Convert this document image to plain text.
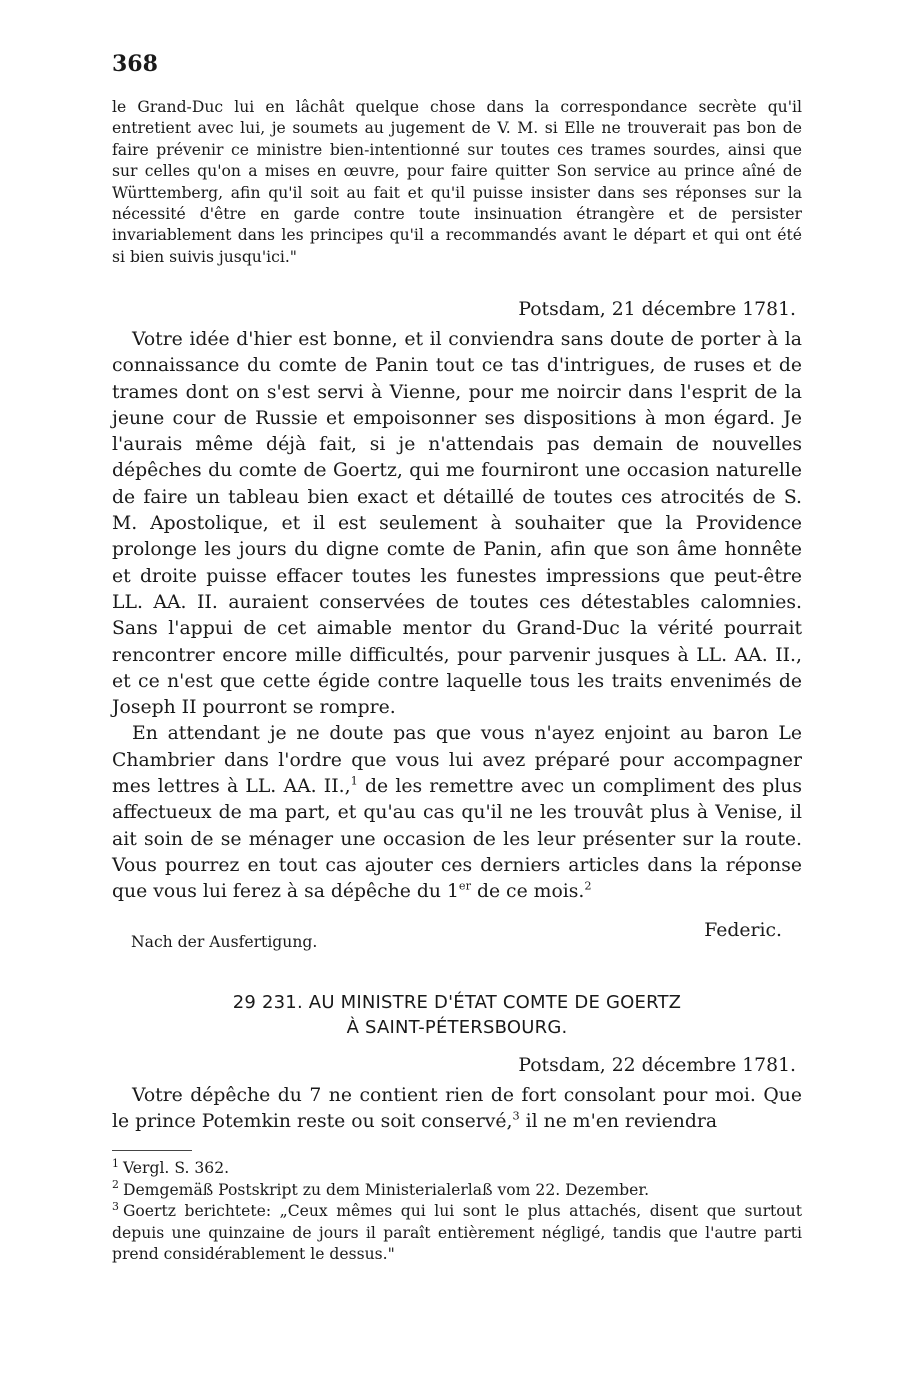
368

le Grand-Duc lui en lâchât quelque chose dans la correspondance secrète qu'il entretient avec lui, je soumets au jugement de V. M. si Elle ne trouverait pas bon de faire prévenir ce ministre bien-intentionné sur toutes ces trames sourdes, ainsi que sur celles qu'on a mises en œuvre, pour faire quitter Son service au prince aîné de Württemberg, afin qu'il soit au fait et qu'il puisse insister dans ses réponses sur la nécessité d'être en garde contre toute insinuation étrangère et de persister invariablement dans les principes qu'il a recommandés avant le départ et qui ont été si bien suivis jusqu'ici."

Potsdam, 21 décembre 1781.

Votre idée d'hier est bonne, et il conviendra sans doute de porter à la connaissance du comte de Panin tout ce tas d'intrigues, de ruses et de trames dont on s'est servi à Vienne, pour me noircir dans l'esprit de la jeune cour de Russie et empoisonner ses dispositions à mon égard. Je l'aurais même déjà fait, si je n'attendais pas demain de nouvelles dépêches du comte de Goertz, qui me fourniront une occasion naturelle de faire un tableau bien exact et détaillé de toutes ces atrocités de S. M. Apostolique, et il est seulement à souhaiter que la Providence prolonge les jours du digne comte de Panin, afin que son âme honnête et droite puisse effacer toutes les funestes impressions que peut-être LL. AA. II. auraient conservées de toutes ces détestables calomnies. Sans l'appui de cet aimable mentor du Grand-Duc la vérité pourrait rencontrer encore mille difficultés, pour parvenir jusques à LL. AA. II., et ce n'est que cette égide contre laquelle tous les traits envenimés de Joseph II pourront se rompre.

En attendant je ne doute pas que vous n'ayez enjoint au baron Le Chambrier dans l'ordre que vous lui avez préparé pour accompagner mes lettres à LL. AA. II.,$^1$ de les remettre avec un compliment des plus affectueux de ma part, et qu'au cas qu'il ne les trouvât plus à Venise, il ait soin de se ménager une occasion de les leur présenter sur la route. Vous pourrez en tout cas ajouter ces derniers articles dans la réponse que vous lui ferez à sa dépêche du 1er de ce mois.$^2$

Federic.
Nach der Ausfertigung.
29 231. AU MINISTRE D'ÉTAT COMTE DE GOERTZ
À SAINT-PÉTERSBOURG.
Potsdam, 22 décembre 1781.

Votre dépêche du 7 ne contient rien de fort consolant pour moi. Que le prince Potemkin reste ou soit conservé,$^3$ il ne m'en reviendra

$^1$ Vergl. S. 362.

$^2$ Demgemäß Postskript zu dem Ministerialerlaß vom 22. Dezember.

$^3$ Goertz berichtete: „Ceux mêmes qui lui sont le plus attachés, disent que surtout depuis une quinzaine de jours il paraît entièrement négligé, tandis que l'autre parti prend considérablement le dessus."
